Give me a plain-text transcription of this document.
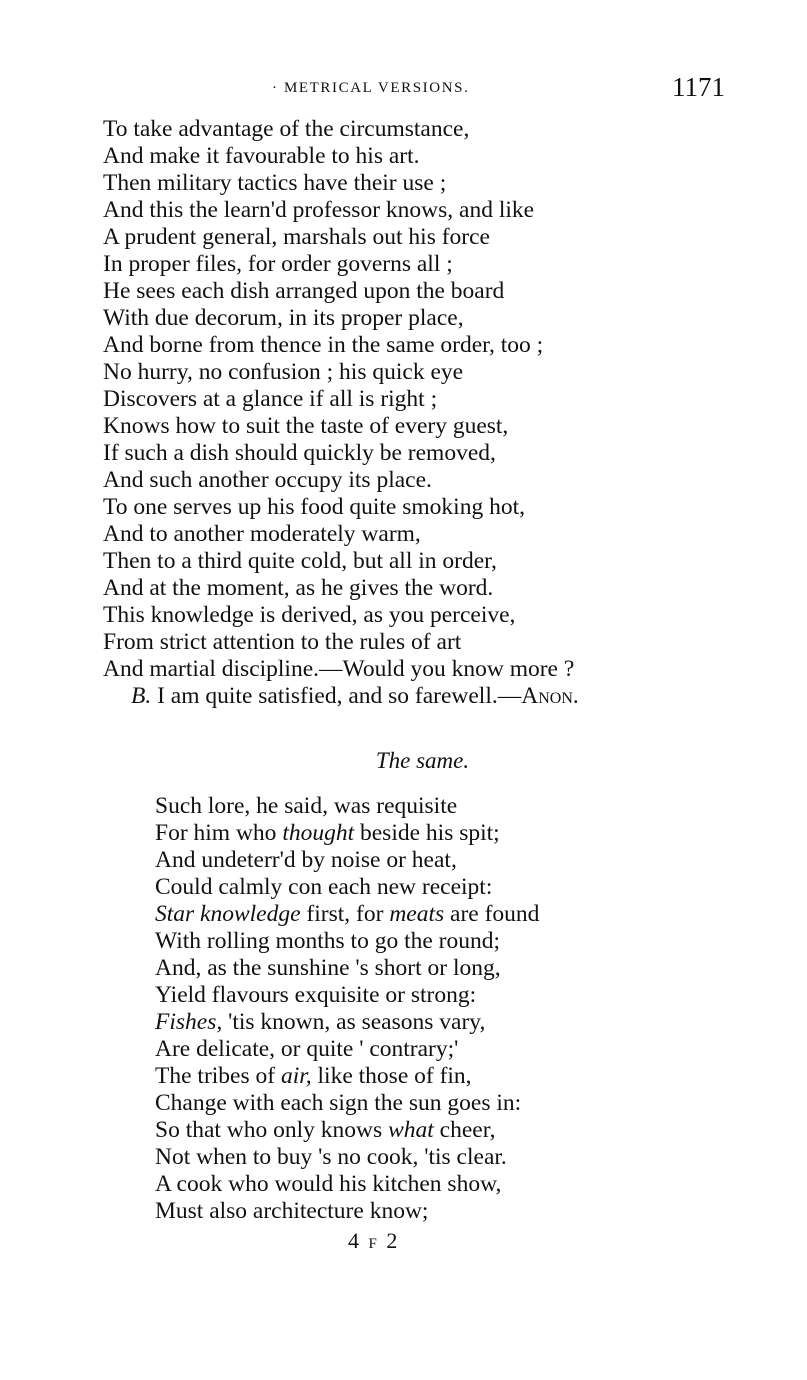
· METRICAL VERSIONS.	1171
To take advantage of the circumstance,
And make it favourable to his art.
Then military tactics have their use ;
And this the learn'd professor knows, and like
A prudent general, marshals out his force
In proper files, for order governs all ;
He sees each dish arranged upon the board
With due decorum, in its proper place,
And borne from thence in the same order, too ;
No hurry, no confusion ; his quick eye
Discovers at a glance if all is right ;
Knows how to suit the taste of every guest,
If such a dish should quickly be removed,
And such another occupy its place.
To one serves up his food quite smoking hot,
And to another moderately warm,
Then to a third quite cold, but all in order,
And at the moment, as he gives the word.
This knowledge is derived, as you perceive,
From strict attention to the rules of art
And martial discipline.—Would you know more ?
B. I am quite satisfied, and so farewell.—Anon.
The same.
Such lore, he said, was requisite
For him who thought beside his spit;
And undeterr'd by noise or heat,
Could calmly con each new receipt:
Star knowledge first, for meats are found
With rolling months to go the round;
And, as the sunshine 's short or long,
Yield flavours exquisite or strong:
Fishes, 'tis known, as seasons vary,
Are delicate, or quite ' contrary;'
The tribes of air, like those of fin,
Change with each sign the sun goes in:
So that who only knows what cheer,
Not when to buy 's no cook, 'tis clear.
A cook who would his kitchen show,
Must also architecture know;
4 F 2
